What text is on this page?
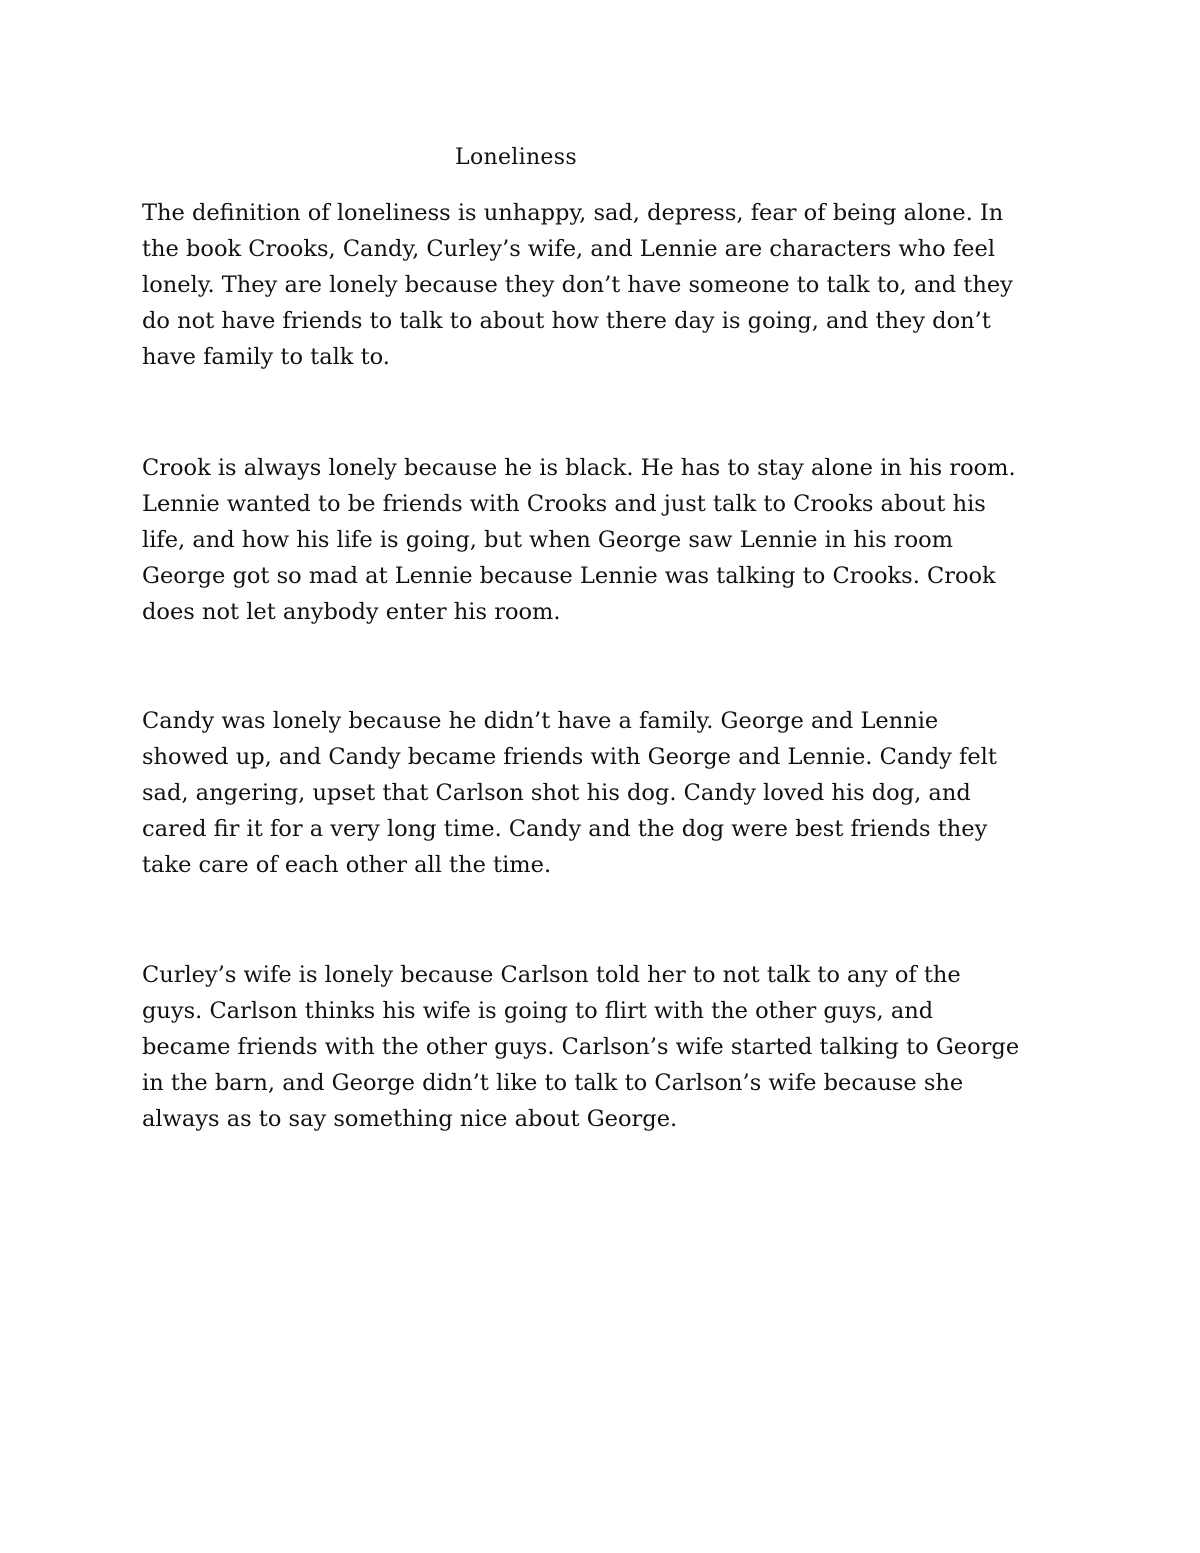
Loneliness

The definition of loneliness is unhappy, sad, depress, fear of being alone. In
the book Crooks, Candy, Curley’s wife, and Lennie are characters who feel
lonely. They are lonely because they don’t have someone to talk to, and they
do not have friends to talk to about how there day is going, and they don’t
have family to talk to.

Crook is always lonely because he is black. He has to stay alone in his room.
Lennie wanted to be friends with Crooks and just talk to Crooks about his
life, and how his life is going, but when George saw Lennie in his room
George got so mad at Lennie because Lennie was talking to Crooks. Crook
does not let anybody enter his room.

Candy was lonely because he didn’t have a family. George and Lennie
showed up, and Candy became friends with George and Lennie. Candy felt
sad, angering, upset that Carlson shot his dog. Candy loved his dog, and
cared fir it for a very long time. Candy and the dog were best friends they
take care of each other all the time.

Curley’s wife is lonely because Carlson told her to not talk to any of the
guys. Carlson thinks his wife is going to flirt with the other guys, and
became friends with the other guys. Carlson’s wife started talking to George
in the barn, and George didn’t like to talk to Carlson’s wife because she
always as to say something nice about George.
